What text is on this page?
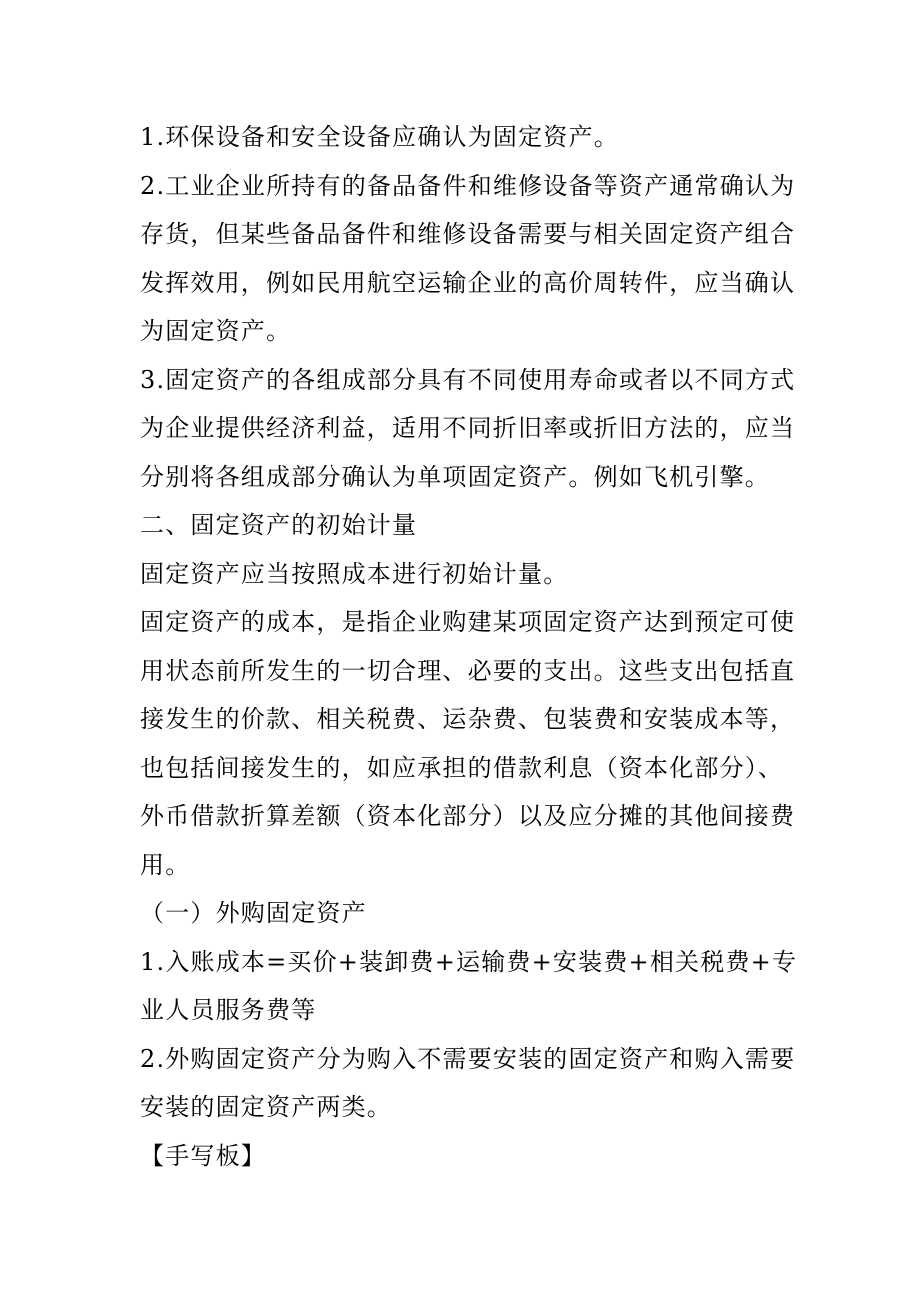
1.环保设备和安全设备应确认为固定资产。

2.工业企业所持有的备品备件和维修设备等资产通常确认为存货，但某些备品备件和维修设备需要与相关固定资产组合发挥效用，例如民用航空运输企业的高价周转件，应当确认为固定资产。

3.固定资产的各组成部分具有不同使用寿命或者以不同方式为企业提供经济利益，适用不同折旧率或折旧方法的，应当分别将各组成部分确认为单项固定资产。例如飞机引擎。

二、固定资产的初始计量

固定资产应当按照成本进行初始计量。

固定资产的成本，是指企业购建某项固定资产达到预定可使用状态前所发生的一切合理、必要的支出。这些支出包括直接发生的价款、相关税费、运杂费、包装费和安装成本等，也包括间接发生的，如应承担的借款利息（资本化部分）、外币借款折算差额（资本化部分）以及应分摊的其他间接费用。

（一）外购固定资产

1.入账成本=买价+装卸费+运输费+安装费+相关税费+专业人员服务费等

2.外购固定资产分为购入不需要安装的固定资产和购入需要安装的固定资产两类。

【手写板】
